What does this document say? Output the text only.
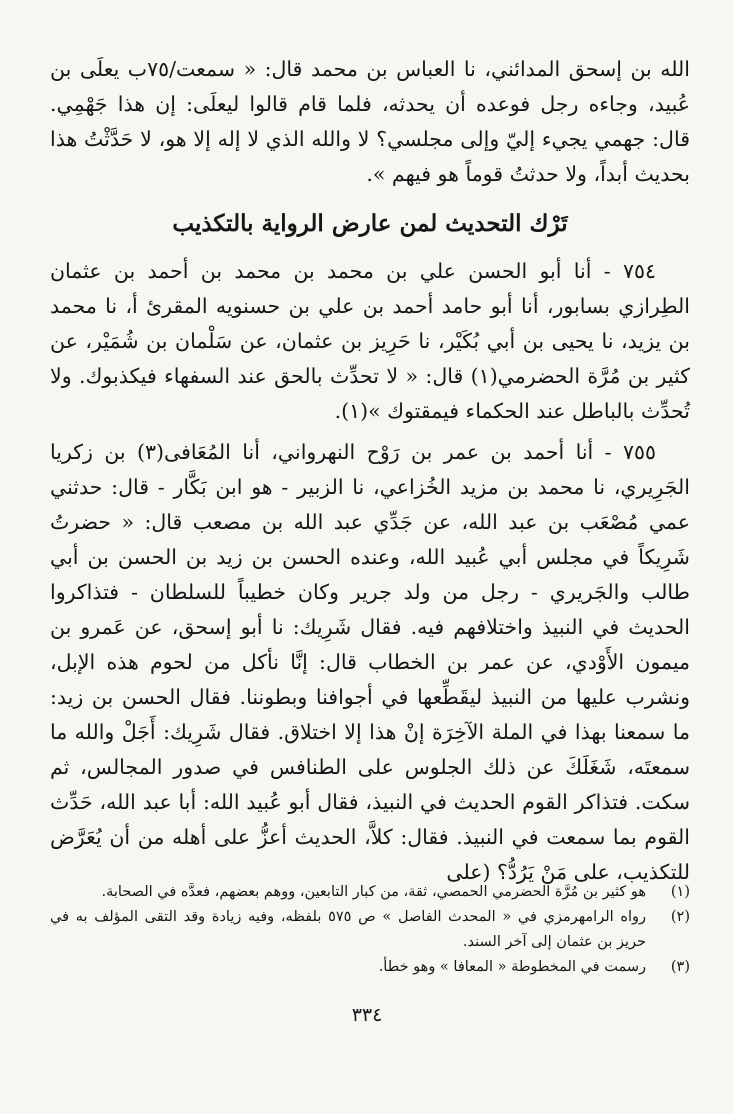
الله بن إسحق المدائني، نا العباس بن محمد قال: « سمعت/٧٥ب يعلَى بن عُبيد، وجاءه رجل فوعده أن يحدثه، فلما قام قالوا ليعلَى: إن هذا جَهْمِي. قال: جهمي يجيء إليّ وإلى مجلسي؟ لا والله الذي لا إله إلا هو، لا حَدَّثْتُ هذا بحديث أبداً، ولا حدثتُ قوماً هو فيهم ».

تَرْك التحديث لمن عارض الرواية بالتكذيب

٧٥٤ - أنا أبو الحسن علي بن محمد بن محمد بن أحمد بن عثمان الطِرازي بسابور، أنا أبو حامد أحمد بن علي بن حسنويه المقرئ أ، نا محمد بن يزيد، نا يحيى بن أبي بُكَيْر، نا حَرِيز بن عثمان، عن سَلْمان بن شُمَيْر، عن كثير بن مُرَّة الحضرمي(١) قال: « لا تحدِّث بالحق عند السفهاء فيكذبوك. ولا تُحدِّث بالباطل عند الحكماء فيمقتوك »(١).

٧٥٥ - أنا أحمد بن عمر بن رَوْح النهرواني، أنا المُعَافى(٣) بن زكريا الجَرِيري، نا محمد بن مزيد الخُزاعي، نا الزبير - هو ابن بَكَّار - قال: حدثني عمي مُصْعَب بن عبد الله، عن جَدِّي عبد الله بن مصعب قال: « حضرتُ شَرِيكاً في مجلس أبي عُبيد الله، وعنده الحسن بن زيد بن الحسن بن أبي طالب والجَريري - رجل من ولد جرير وكان خطيباً للسلطان - فتذاكروا الحديث في النبيذ واختلافهم فيه. فقال شَرِيك: نا أبو إسحق، عن عَمرو بن ميمون الأَوْدي، عن عمر بن الخطاب قال: إنَّا نأكل من لحوم هذه الإبل، ونشرب عليها من النبيذ ليقَطِّعها في أجوافنا وبطوننا. فقال الحسن بن زيد: ما سمعنا بهذا في الملة الآخِرَة إنْ هذا إلا اختلاق. فقال شَرِيك: أَجَلْ والله ما سمعتَه، شَغَلَكَ عن ذلك الجلوس على الطنافس في صدور المجالس، ثم سكت. فتذاكر القوم الحديث في النبيذ، فقال أبو عُبيد الله: أبا عبد الله، حَدِّث القوم بما سمعت في النبيذ. فقال: كلاَّ، الحديث أعزُّ على أهله من أن يُعَرَّض للتكذيب، على مَنْ يَرُدُّ؟ (على

(١)
هو كثير بن مُرَّة الحضرمي الحمصي، ثقة، من كبار التابعين، ووهم بعضهم، فعدَّه في الصحابة.
(٢)
رواه الرامهرمزي في « المحدث الفاصل » ص ٥٧٥ بلفظه، وفيه زيادة وقد التقى المؤلف به في حريز بن عثمان إلى آخر السند.
(٣)
رسمت في المخطوطة « المعافا » وهو خطأ.
٣٣٤
